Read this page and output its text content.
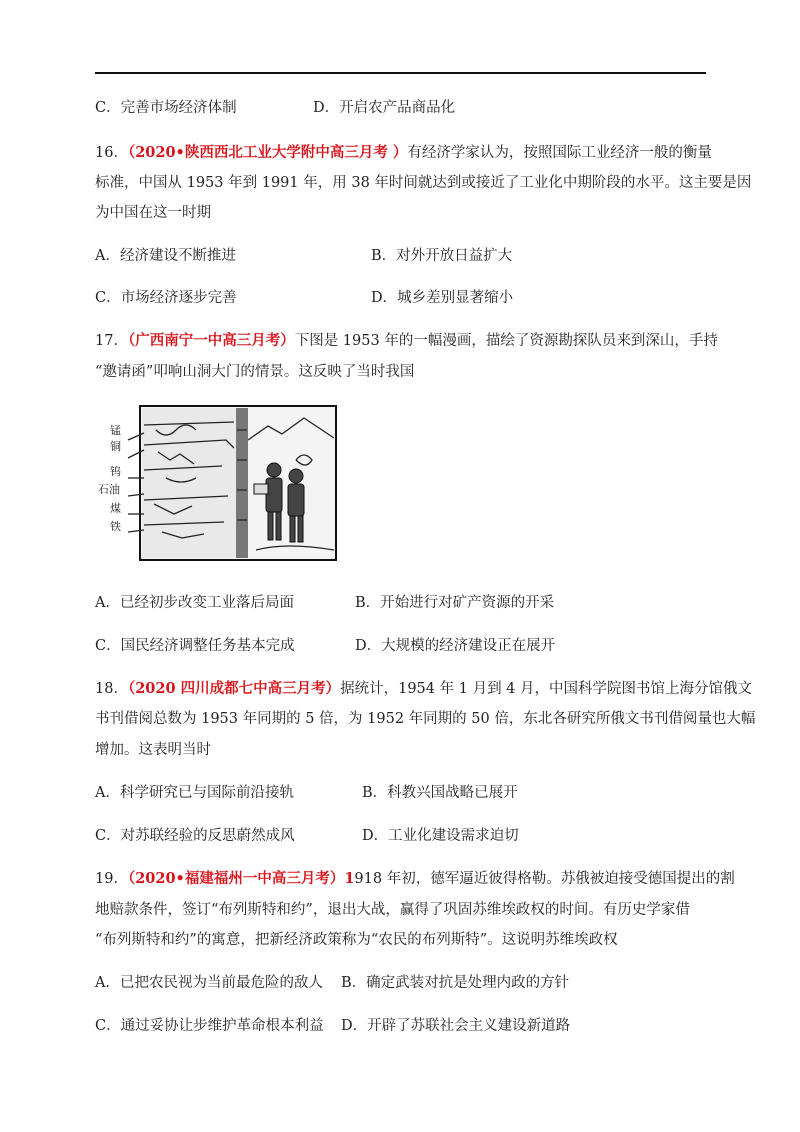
C．完善市场经济体制	D．开启农产品商品化
16．（2020•陕西西北工业大学附中高三月考 ）有经济学家认为，按照国际工业经济一般的衡量
标准，中国从 1953 年到 1991 年，用 38 年时间就达到或接近了工业化中期阶段的水平。这主要是因
为中国在这一时期
A．经济建设不断推进	B．对外开放日益扩大
C．市场经济逐步完善	D．城乡差别显著缩小
17．（广西南宁一中高三月考）下图是 1953 年的一幅漫画，描绘了资源勘探队员来到深山，手持
“邀请函”叩响山洞大门的情景。这反映了当时我国
锰
铜
钨
石油
煤
铁
A．已经初步改变工业落后局面	B．开始进行对矿产资源的开采
C．国民经济调整任务基本完成	D．大规模的经济建设正在展开
18．（2020 四川成都七中高三月考）据统计，1954 年 1 月到 4 月，中国科学院图书馆上海分馆俄文
书刊借阅总数为 1953 年同期的 5 倍，为 1952 年同期的 50 倍，东北各研究所俄文书刊借阅量也大幅
增加。这表明当时
A．科学研究已与国际前沿接轨	B．科教兴国战略已展开
C．对苏联经验的反思蔚然成风	D．工业化建设需求迫切
19．（2020•福建福州一中高三月考）1918 年初，德军逼近彼得格勒。苏俄被迫接受德国提出的割
地赔款条件，签订“布列斯特和约”，退出大战，赢得了巩固苏维埃政权的时间。有历史学家借
“布列斯特和约”的寓意，把新经济政策称为“农民的布列斯特”。这说明苏维埃政权
A．已把农民视为当前最危险的敌人 B．确定武装对抗是处理内政的方针
C．通过妥协让步维护革命根本利益 D．开辟了苏联社会主义建设新道路
